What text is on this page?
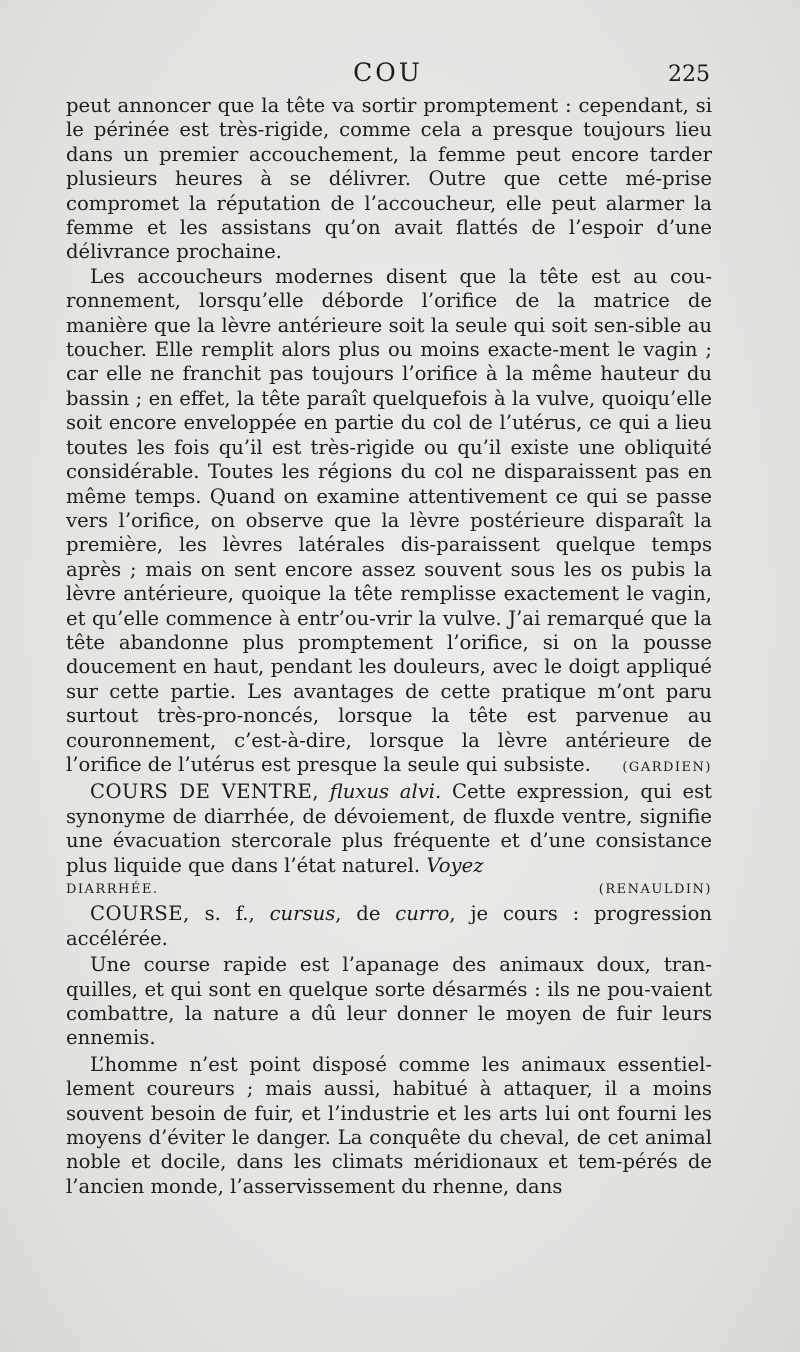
COU	225

peut annoncer que la tête va sortir promptement : cependant, si le périnée est très-rigide, comme cela a presque toujours lieu dans un premier accouchement, la femme peut encore tarder plusieurs heures à se délivrer. Outre que cette mé-prise compromet la réputation de l’accoucheur, elle peut alarmer la femme et les assistans qu’on avait flattés de l’espoir d’une délivrance prochaine.

Les accoucheurs modernes disent que la tête est au cou-ronnement, lorsqu’elle déborde l’orifice de la matrice de manière que la lèvre antérieure soit la seule qui soit sen-sible au toucher. Elle remplit alors plus ou moins exacte-ment le vagin ; car elle ne franchit pas toujours l’orifice à la même hauteur du bassin ; en effet, la tête paraît quelquefois à la vulve, quoiqu’elle soit encore enveloppée en partie du col de l’utérus, ce qui a lieu toutes les fois qu’il est très-rigide ou qu’il existe une obliquité considérable. Toutes les régions du col ne disparaissent pas en même temps. Quand on examine attentivement ce qui se passe vers l’orifice, on observe que la lèvre postérieure disparaît la première, les lèvres latérales dis-paraissent quelque temps après ; mais on sent encore assez souvent sous les os pubis la lèvre antérieure, quoique la tête remplisse exactement le vagin, et qu’elle commence à entr’ou-vrir la vulve. J’ai remarqué que la tête abandonne plus promptement l’orifice, si on la pousse doucement en haut, pendant les douleurs, avec le doigt appliqué sur cette partie. Les avantages de cette pratique m’ont paru surtout très-pro-noncés, lorsque la tête est parvenue au couronnement, c’est-à-dire, lorsque la lèvre antérieure de l’orifice de l’utérus est presque la seule qui subsiste.	(GARDIEN)

COURS DE VENTRE, fluxus alvi. Cette expression, qui est synonyme de diarrhée, de dévoiement, de fluxde ventre, signifie une évacuation stercorale plus fréquente et d’une consistance plus liquide que dans l’état naturel. Voyez

DIARRHÉE.	(RENAULDIN)

COURSE, s. f., cursus, de curro, je cours : progression accélérée.

Une course rapide est l’apanage des animaux doux, tran-quilles, et qui sont en quelque sorte désarmés : ils ne pou-vaient combattre, la nature a dû leur donner le moyen de fuir leurs ennemis.

L’homme n’est point disposé comme les animaux essentiel-lement coureurs ; mais aussi, habitué à attaquer, il a moins souvent besoin de fuir, et l’industrie et les arts lui ont fourni les moyens d’éviter le danger. La conquête du cheval, de cet animal noble et docile, dans les climats méridionaux et tem-pérés de l’ancien monde, l’asservissement du rhenne, dans
